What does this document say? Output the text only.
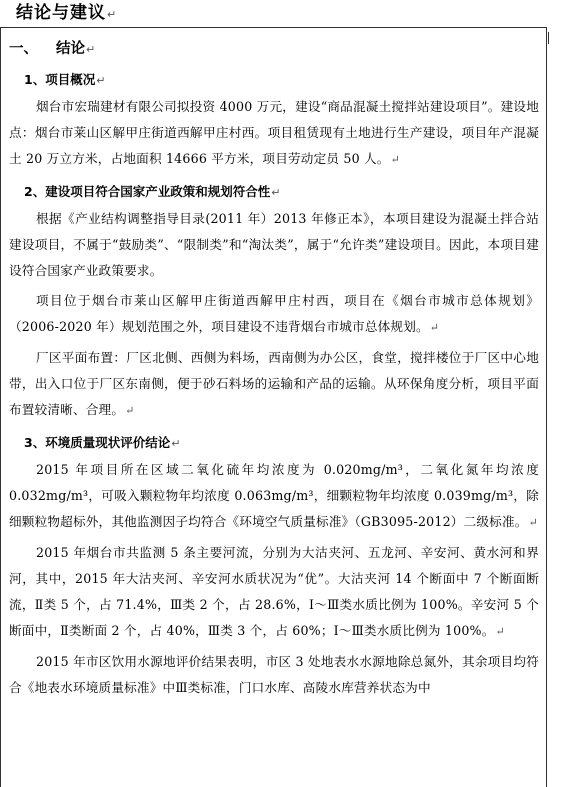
结论与建议↵
一、 结论↵
1、项目概况↵

烟台市宏瑞建材有限公司拟投资 4000 万元，建设“商品混凝土搅拌站建设项目”。建设地点：烟台市莱山区解甲庄街道西解甲庄村西。项目租赁现有土地进行生产建设，项目年产混凝土 20 万立方米，占地面积 14666 平方米，项目劳动定员 50 人。↵

2、建设项目符合国家产业政策和规划符合性↵

根据《产业结构调整指导目录(2011 年）2013 年修正本》，本项目建设为混凝土拌合站建设项目，不属于“鼓励类”、“限制类”和“淘汰类”，属于“允许类”建设项目。因此，本项目建设符合国家产业政策要求。

项目位于烟台市莱山区解甲庄街道西解甲庄村西，项目在《烟台市城市总体规划》（2006-2020 年）规划范围之外，项目建设不违背烟台市城市总体规划。↵

厂区平面布置：厂区北侧、西侧为料场，西南侧为办公区，食堂，搅拌楼位于厂区中心地带，出入口位于厂区东南侧，便于砂石料场的运输和产品的运输。从环保角度分析，项目平面布置较清晰、合理。↵

3、环境质量现状评价结论↵

2015 年项目所在区域二氧化硫年均浓度为 0.020mg/m³，二氧化氮年均浓度 0.032mg/m³，可吸入颗粒物年均浓度 0.063mg/m³，细颗粒物年均浓度 0.039mg/m³，除细颗粒物超标外，其他监测因子均符合《环境空气质量标准》（GB3095-2012）二级标准。↵

2015 年烟台市共监测 5 条主要河流，分别为大沽夹河、五龙河、辛安河、黄水河和界河，其中，2015 年大沽夹河、辛安河水质状况为“优”。大沽夹河 14 个断面中 7 个断面断流，Ⅱ类 5 个，占 71.4%，Ⅲ类 2 个，占 28.6%，Ⅰ～Ⅲ类水质比例为 100%。辛安河 5 个断面中，Ⅱ类断面 2 个，占 40%，Ⅲ类 3 个，占 60%；Ⅰ～Ⅲ类水质比例为 100%。↵

2015 年市区饮用水源地评价结果表明，市区 3 处地表水水源地除总氮外，其余项目均符合《地表水环境质量标准》中Ⅲ类标准，门口水库、高陵水库营养状态为中
